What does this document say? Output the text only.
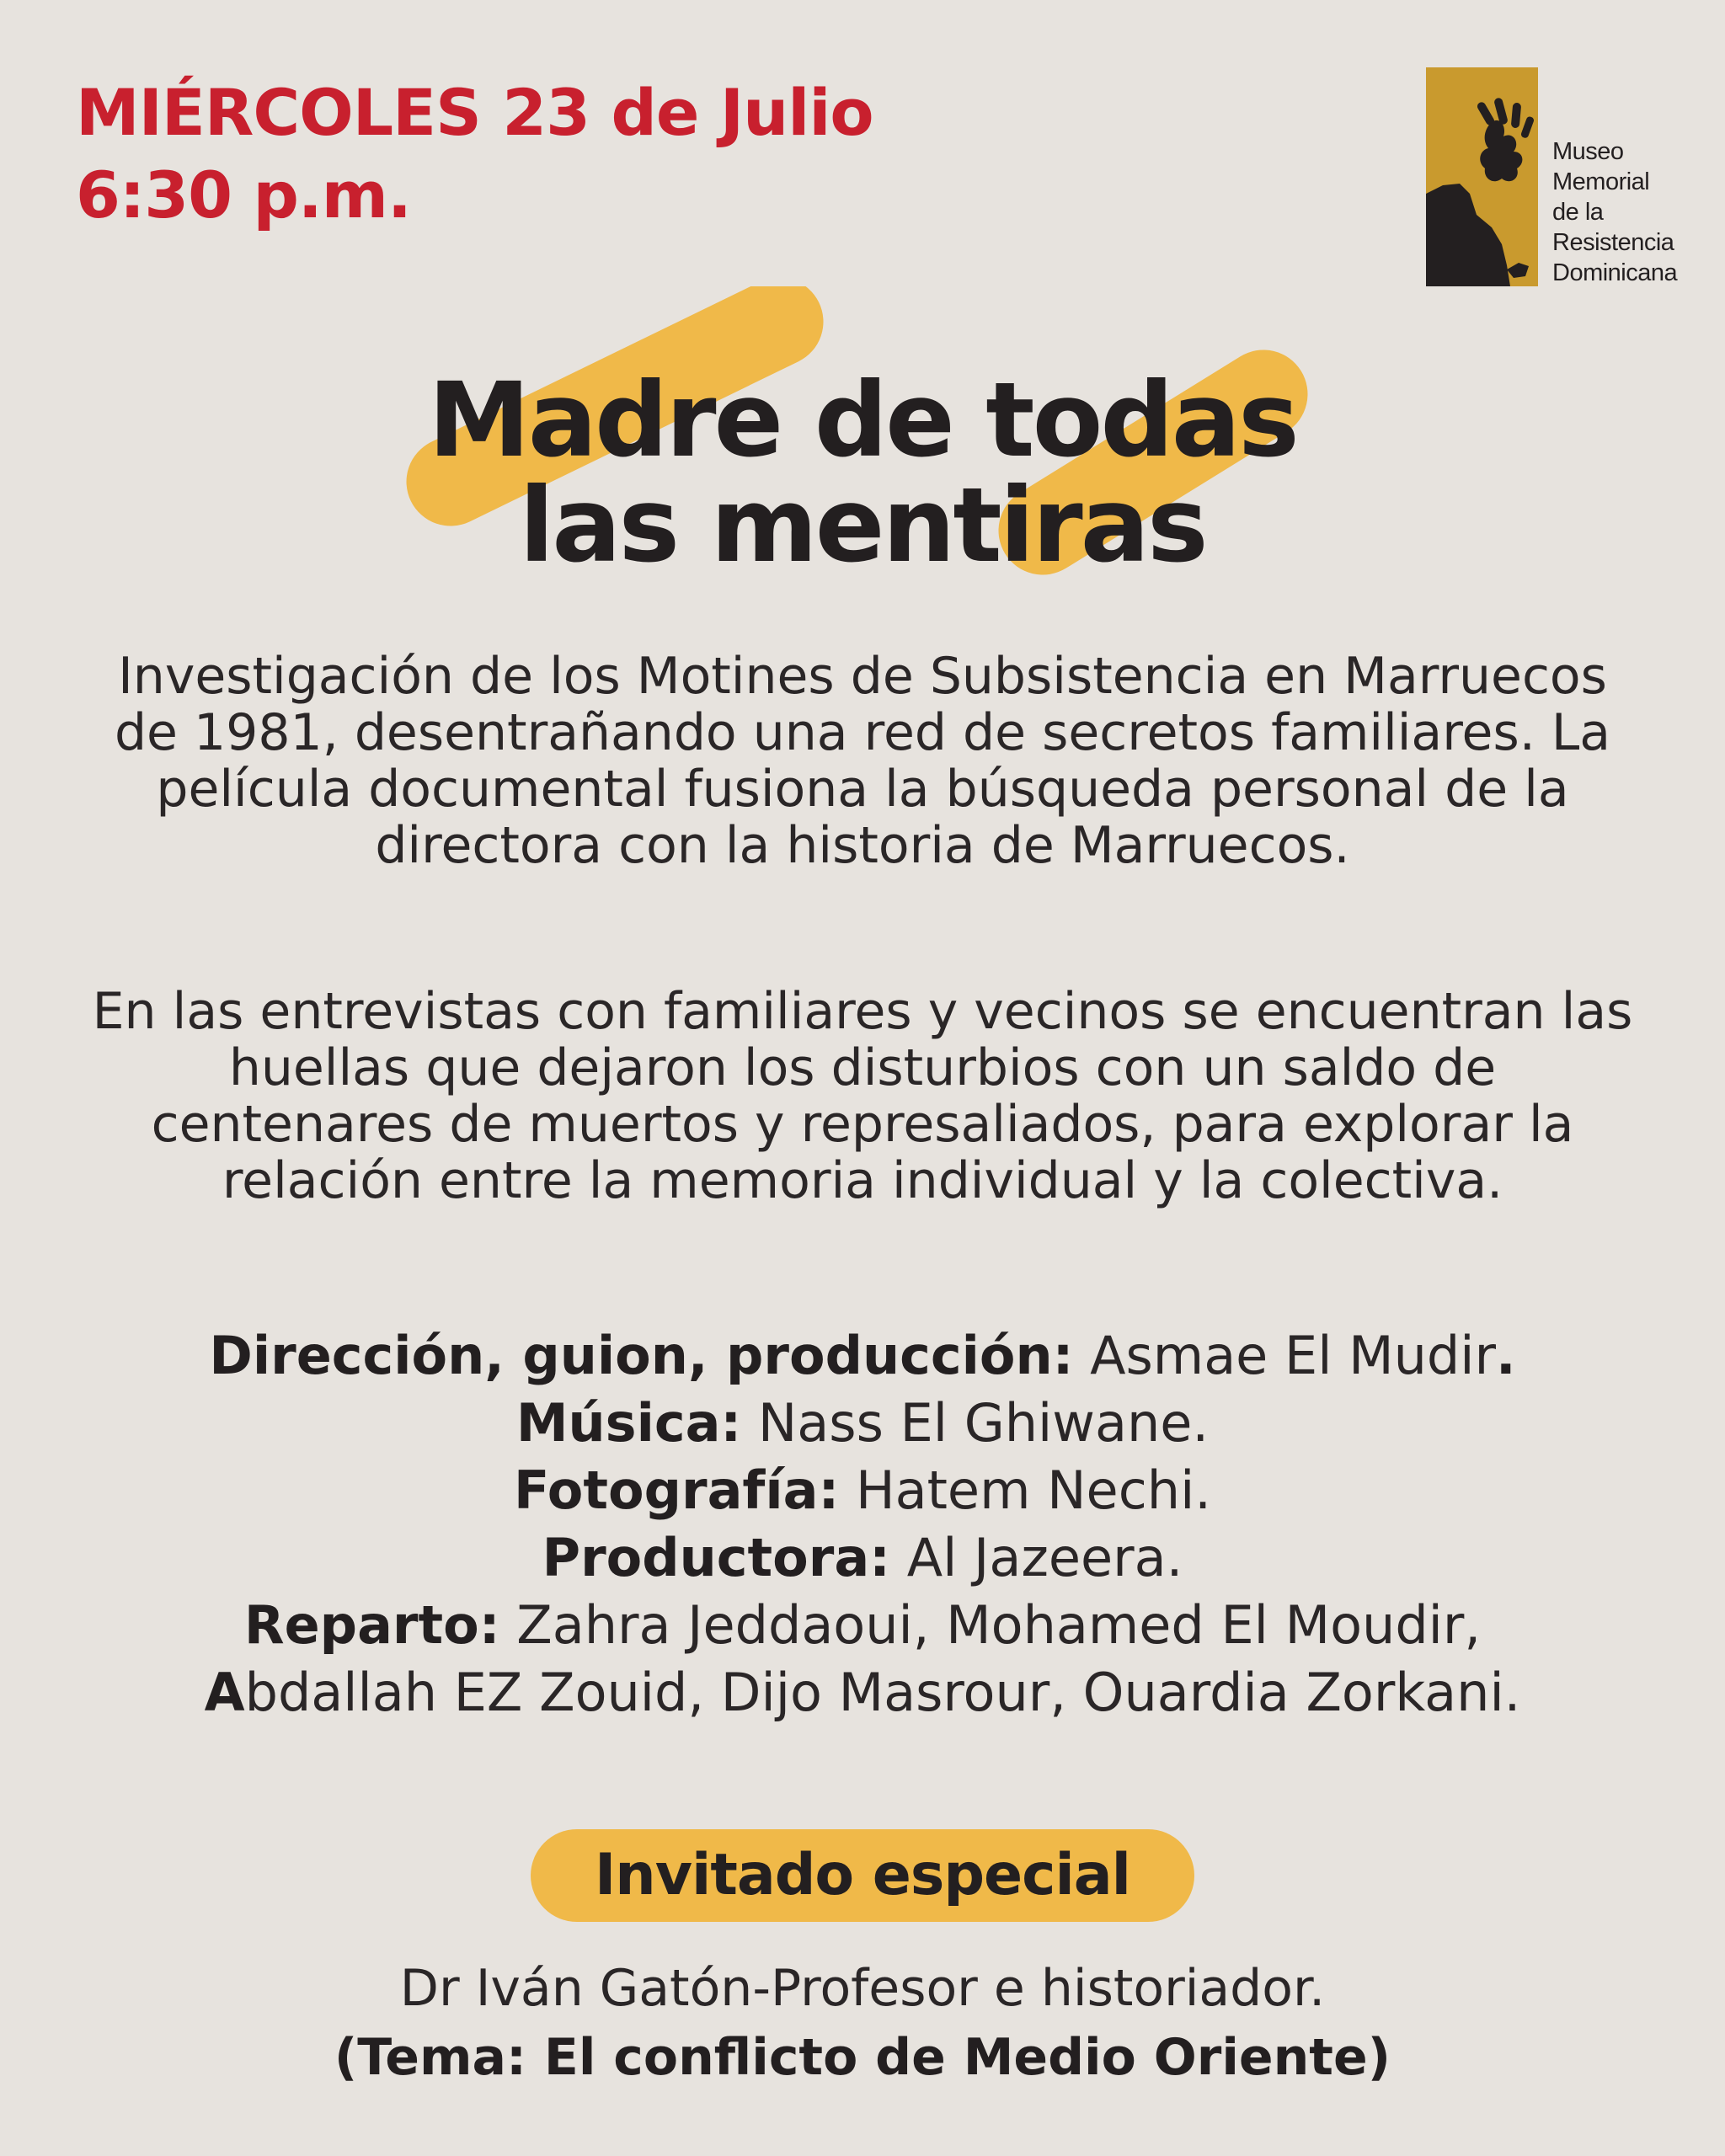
MIÉRCOLES 23 de Julio
6:30 p.m.
Museo
Memorial
de la
Resistencia
Dominicana
Madre de todas
las mentiras
Investigación de los Motines de Subsistencia en Marruecos de 1981, desentrañando una red de secretos familiares. La película documental fusiona la búsqueda personal de la directora con la historia de Marruecos.
En las entrevistas con familiares y vecinos se encuentran las huellas que dejaron los disturbios con un saldo de centenares de muertos y represaliados, para explorar la relación entre la memoria individual y la colectiva.
Dirección, guion, producción: Asmae El Mudir.
Música: Nass El Ghiwane.
Fotografía: Hatem Nechi.
Productora: Al Jazeera.
Reparto: Zahra Jeddaoui, Mohamed El Moudir,
Abdallah EZ Zouid, Dijo Masrour, Ouardia Zorkani.
Invitado especial
Dr Iván Gatón-Profesor e historiador.
(Tema: El conflicto de Medio Oriente)
